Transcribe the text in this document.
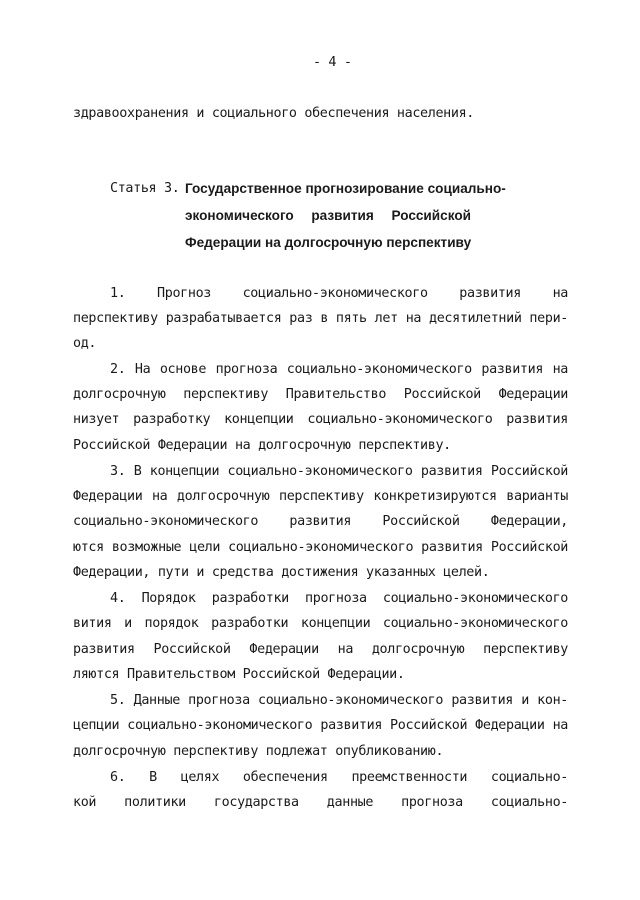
- 4 -
здравоохранения и социального обеспечения населения.
Статья 3. Государственное прогнозирование социально-
экономического развития Российской
Федерации на долгосрочную перспективу
1. Прогноз социально-экономического развития на
перспективу разрабатывается раз в пять лет на десятилетний пери-
од.
2. На основе прогноза социально-экономического развития на
долгосрочную перспективу Правительство Российской Федерации
низует разработку концепции социально-экономического развития
Российской Федерации на долгосрочную перспективу.
3. В концепции социально-экономического развития Российской
Федерации на долгосрочную перспективу конкретизируются варианты
социально-экономического развития Российской Федерации,
ются возможные цели социально-экономического развития Российской
Федерации, пути и средства достижения указанных целей.
4. Порядок разработки прогноза социально-экономического
вития и порядок разработки концепции социально-экономического
развития Российской Федерации на долгосрочную перспективу
ляются Правительством Российской Федерации.
5. Данные прогноза социально-экономического развития и кон-
цепции социально-экономического развития Российской Федерации на
долгосрочную перспективу подлежат опубликованию.
6. В целях обеспечения преемственности социально-
кой политики государства данные прогноза социально-
